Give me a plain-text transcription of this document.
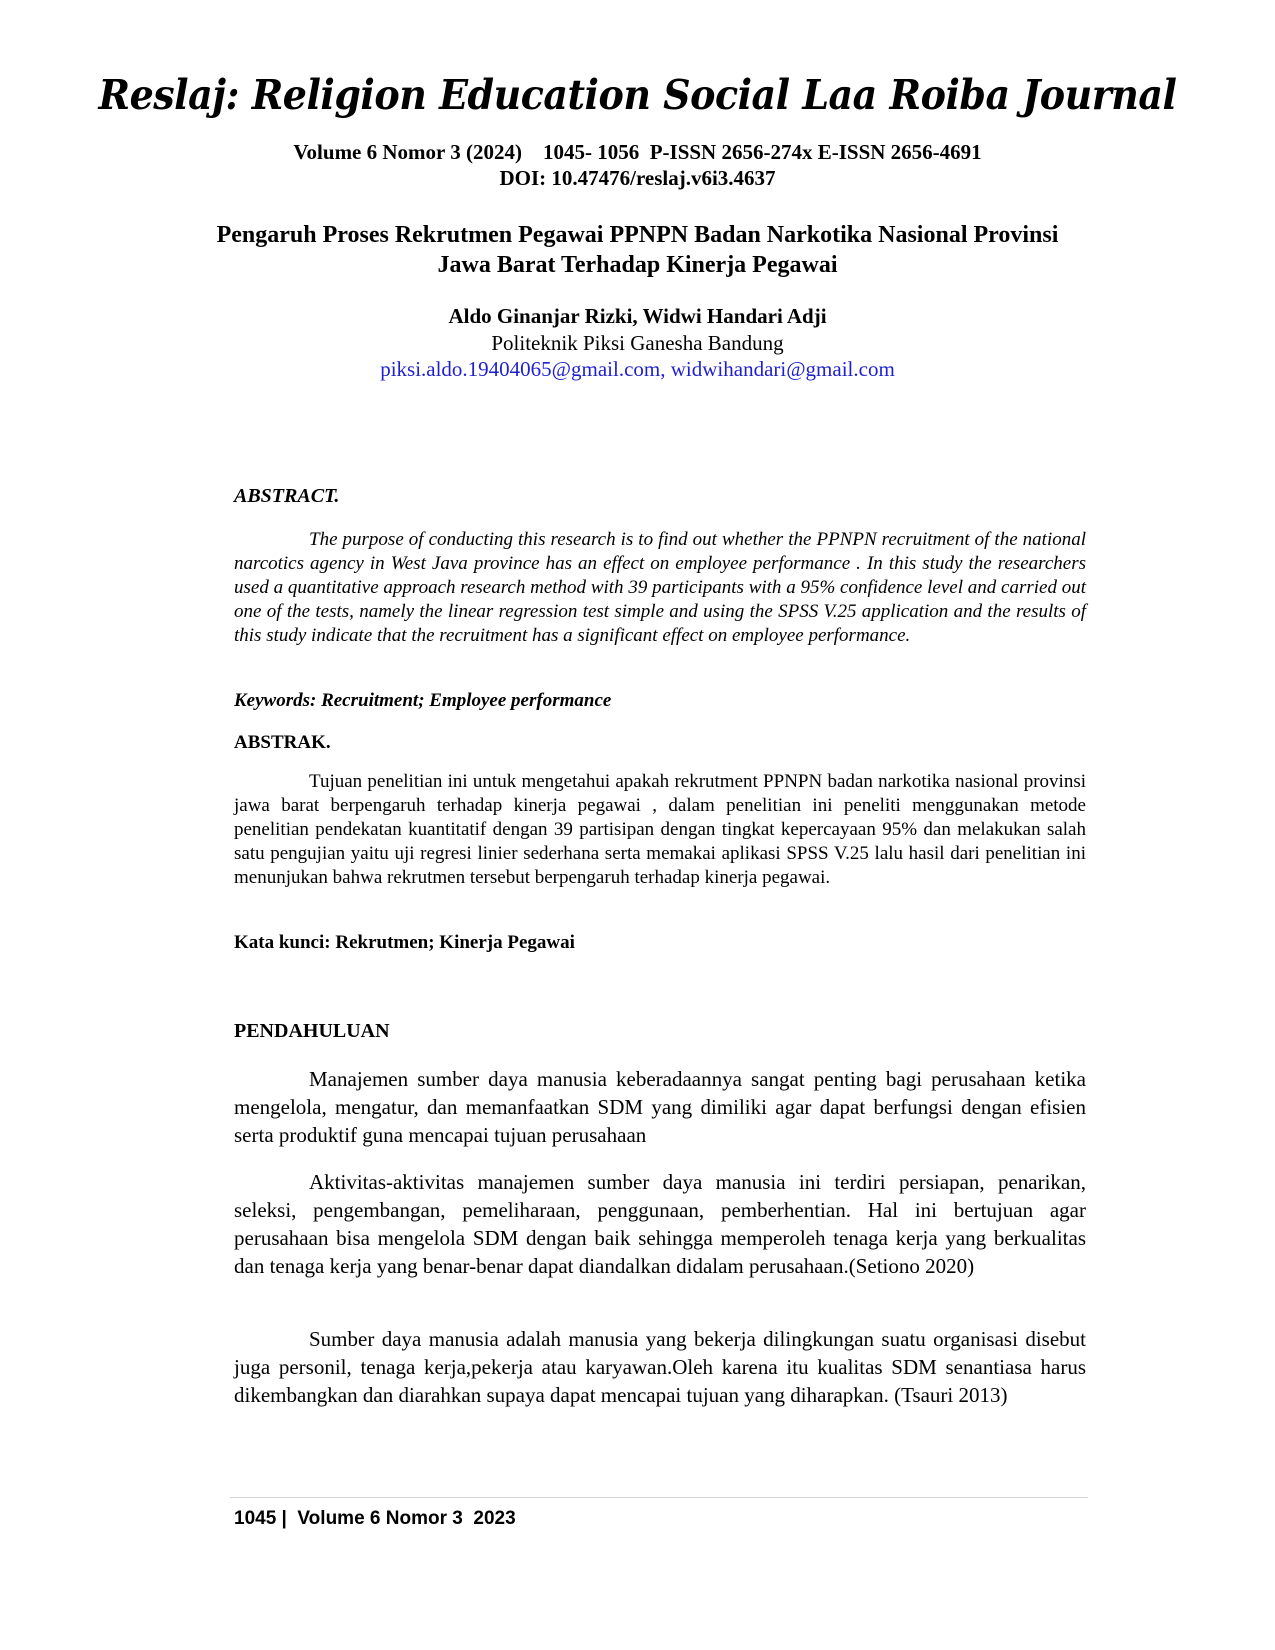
Reslaj: Religion Education Social Laa Roiba Journal
Volume 6 Nomor 3 (2024)    1045- 1056  P-ISSN 2656-274x E-ISSN 2656-4691
DOI: 10.47476/reslaj.v6i3.4637
Pengaruh Proses Rekrutmen Pegawai PPNPN Badan Narkotika Nasional Provinsi Jawa Barat Terhadap Kinerja Pegawai
Aldo Ginanjar Rizki, Widwi Handari Adji
Politeknik Piksi Ganesha Bandung
piksi.aldo.19404065@gmail.com, widwihandari@gmail.com
ABSTRACT.

The purpose of conducting this research is to find out whether the PPNPN recruitment of the national narcotics agency in West Java province has an effect on employee performance . In this study the researchers used a quantitative approach research method with 39 participants with a 95% confidence level and carried out one of the tests, namely the linear regression test simple and using the SPSS V.25 application and the results of this study indicate that the recruitment has a significant effect on employee performance.

Keywords: Recruitment; Employee performance
ABSTRAK.

Tujuan penelitian ini untuk mengetahui apakah rekrutment PPNPN badan narkotika nasional provinsi jawa barat berpengaruh terhadap kinerja pegawai , dalam penelitian ini peneliti menggunakan metode penelitian pendekatan kuantitatif dengan 39 partisipan dengan tingkat kepercayaan 95% dan melakukan salah satu pengujian yaitu uji regresi linier sederhana serta memakai aplikasi SPSS V.25 lalu hasil dari penelitian ini menunjukan bahwa rekrutmen tersebut berpengaruh terhadap kinerja pegawai.

Kata kunci: Rekrutmen; Kinerja Pegawai
PENDAHULUAN

Manajemen sumber daya manusia keberadaannya sangat penting bagi perusahaan ketika mengelola, mengatur, dan memanfaatkan SDM yang dimiliki agar dapat berfungsi dengan efisien serta produktif guna mencapai tujuan perusahaan

Aktivitas-aktivitas manajemen sumber daya manusia ini terdiri persiapan, penarikan, seleksi, pengembangan, pemeliharaan, penggunaan, pemberhentian. Hal ini bertujuan agar perusahaan bisa mengelola SDM dengan baik sehingga memperoleh tenaga kerja yang berkualitas dan tenaga kerja yang benar-benar dapat diandalkan didalam perusahaan.(Setiono 2020)

Sumber daya manusia adalah manusia yang bekerja dilingkungan suatu organisasi disebut juga personil, tenaga kerja,pekerja atau karyawan.Oleh karena itu kualitas SDM senantiasa harus dikembangkan dan diarahkan supaya dapat mencapai tujuan yang diharapkan. (Tsauri 2013)

1045 |  Volume 6 Nomor 3  2023
